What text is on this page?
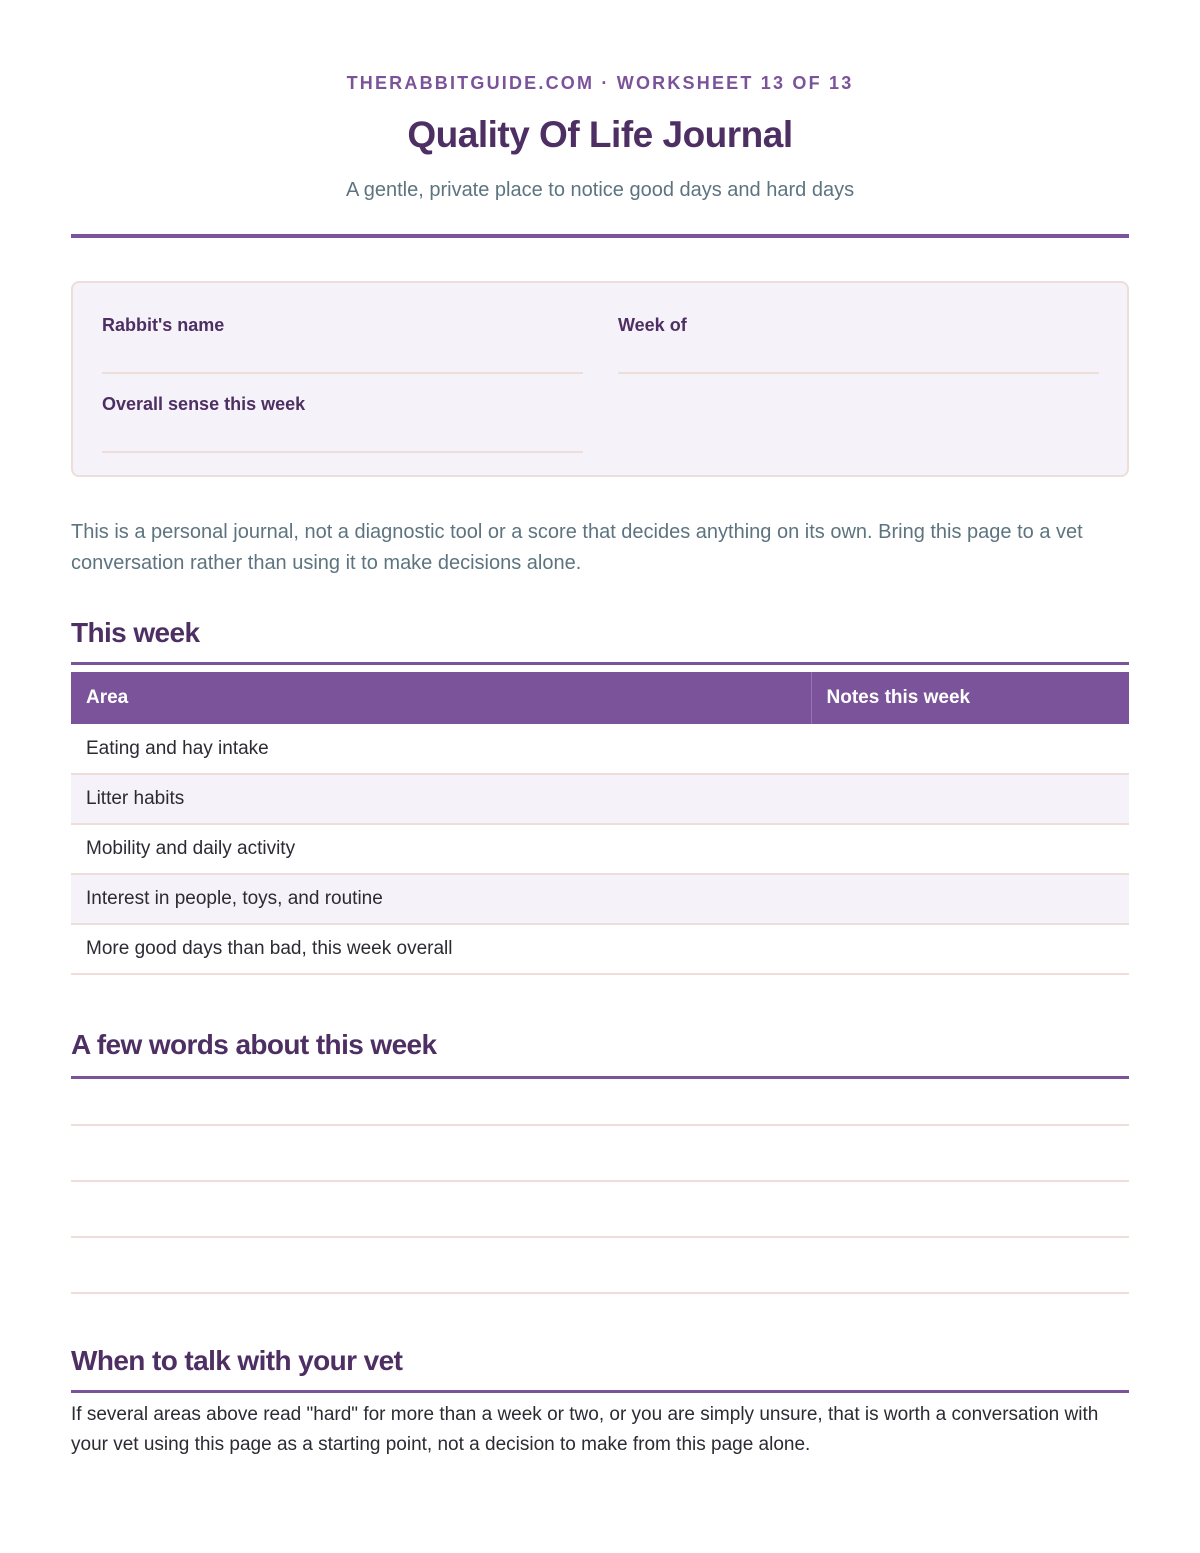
THERABBITGUIDE.COM · WORKSHEET 13 OF 13
Quality Of Life Journal
A gentle, private place to notice good days and hard days
Rabbit's name	Week of
Overall sense this week
This is a personal journal, not a diagnostic tool or a score that decides anything on its own. Bring this page to a vet conversation rather than using it to make decisions alone.
This week
Area	Notes this week
Eating and hay intake	
Litter habits	
Mobility and daily activity	
Interest in people, toys, and routine	
More good days than bad, this week overall	
A few words about this week
When to talk with your vet
If several areas above read "hard" for more than a week or two, or you are simply unsure, that is worth a conversation with your vet using this page as a starting point, not a decision to make from this page alone.
